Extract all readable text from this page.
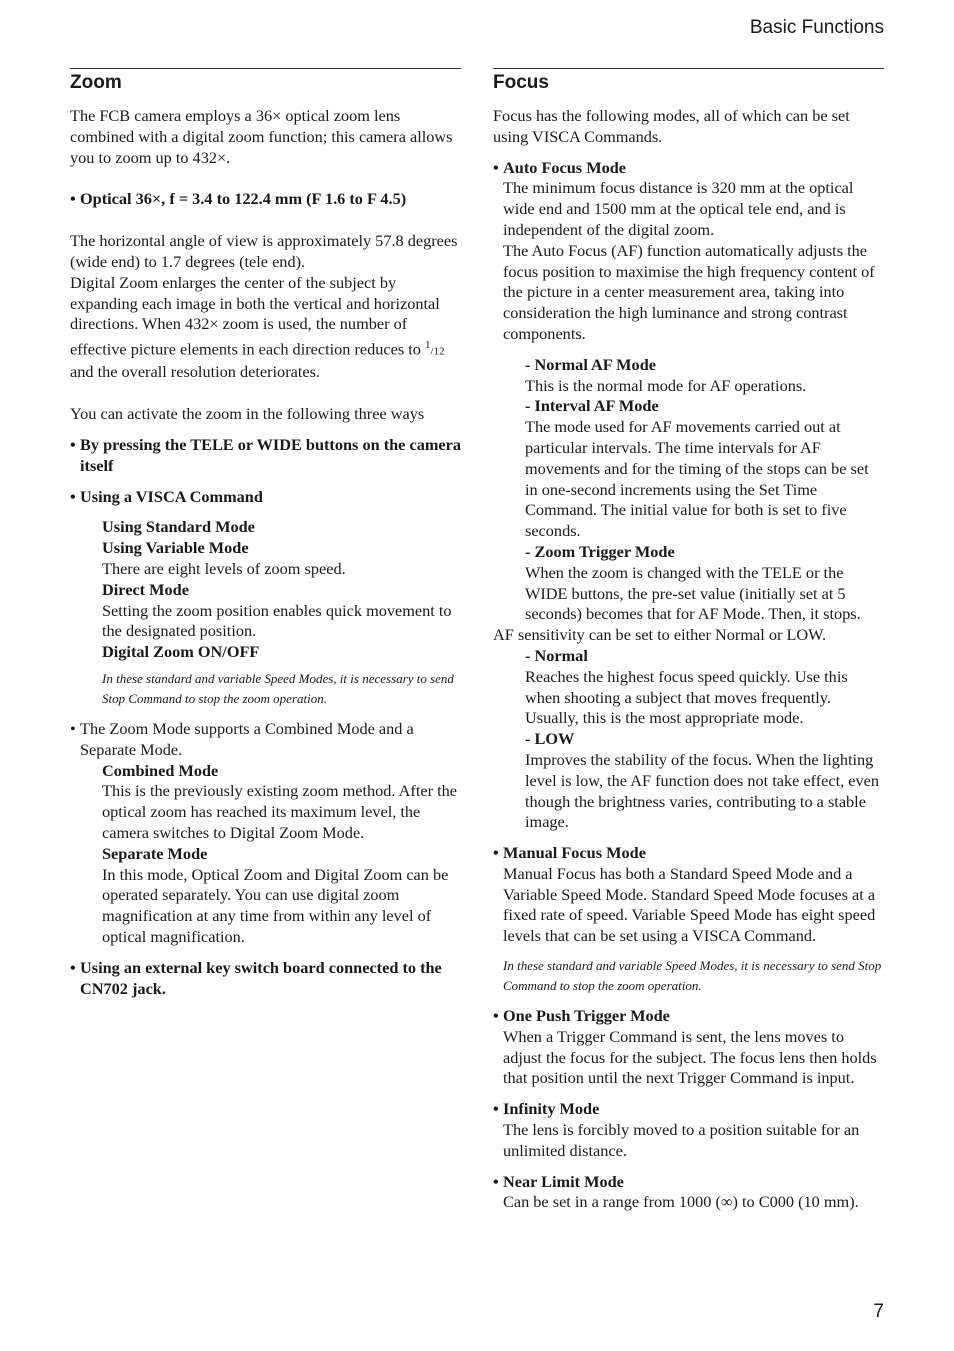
Basic Functions
Zoom

The FCB camera employs a 36× optical zoom lens combined with a digital zoom function; this camera allows you to zoom up to 432×.

• Optical 36×, f = 3.4 to 122.4 mm (F 1.6 to F 4.5)

The horizontal angle of view is approximately 57.8 degrees (wide end) to 1.7 degrees (tele end).

Digital Zoom enlarges the center of the subject by expanding each image in both the vertical and horizontal directions. When 432× zoom is used, the number of effective picture elements in each direction reduces to $^1$/12 and the overall resolution deteriorates.

You can activate the zoom in the following three ways

• By pressing the TELE or WIDE buttons on the camera itself

• Using a VISCA Command

Using Standard Mode

Using Variable Mode

There are eight levels of zoom speed.

Direct Mode

Setting the zoom position enables quick movement to the designated position.

Digital Zoom ON/OFF

In these standard and variable Speed Modes, it is necessary to send Stop Command to stop the zoom operation.

• The Zoom Mode supports a Combined Mode and a Separate Mode.

Combined Mode

This is the previously existing zoom method. After the optical zoom has reached its maximum level, the camera switches to Digital Zoom Mode.

Separate Mode

In this mode, Optical Zoom and Digital Zoom can be operated separately. You can use digital zoom magnification at any time from within any level of optical magnification.

• Using an external key switch board connected to the CN702 jack.

Focus

Focus has the following modes, all of which can be set using VISCA Commands.

• Auto Focus Mode

The minimum focus distance is 320 mm at the optical wide end and 1500 mm at the optical tele end, and is independent of the digital zoom.

The Auto Focus (AF) function automatically adjusts the focus position to maximise the high frequency content of the picture in a center measurement area, taking into consideration the high luminance and strong contrast components.

- Normal AF Mode

This is the normal mode for AF operations.

- Interval AF Mode

The mode used for AF movements carried out at particular intervals. The time intervals for AF movements and for the timing of the stops can be set in one-second increments using the Set Time Command. The initial value for both is set to five seconds.

- Zoom Trigger Mode

When the zoom is changed with the TELE or the WIDE buttons, the pre-set value (initially set at 5 seconds) becomes that for AF Mode. Then, it stops.

AF sensitivity can be set to either Normal or LOW.

- Normal

Reaches the highest focus speed quickly. Use this when shooting a subject that moves frequently. Usually, this is the most appropriate mode.

- LOW

Improves the stability of the focus. When the lighting level is low, the AF function does not take effect, even though the brightness varies, contributing to a stable image.

• Manual Focus Mode

Manual Focus has both a Standard Speed Mode and a Variable Speed Mode. Standard Speed Mode focuses at a fixed rate of speed. Variable Speed Mode has eight speed levels that can be set using a VISCA Command.

In these standard and variable Speed Modes, it is necessary to send Stop Command to stop the zoom operation.

• One Push Trigger Mode

When a Trigger Command is sent, the lens moves to adjust the focus for the subject. The focus lens then holds that position until the next Trigger Command is input.

• Infinity Mode

The lens is forcibly moved to a position suitable for an unlimited distance.

• Near Limit Mode

Can be set in a range from 1000 (∞) to C000 (10 mm).

7
